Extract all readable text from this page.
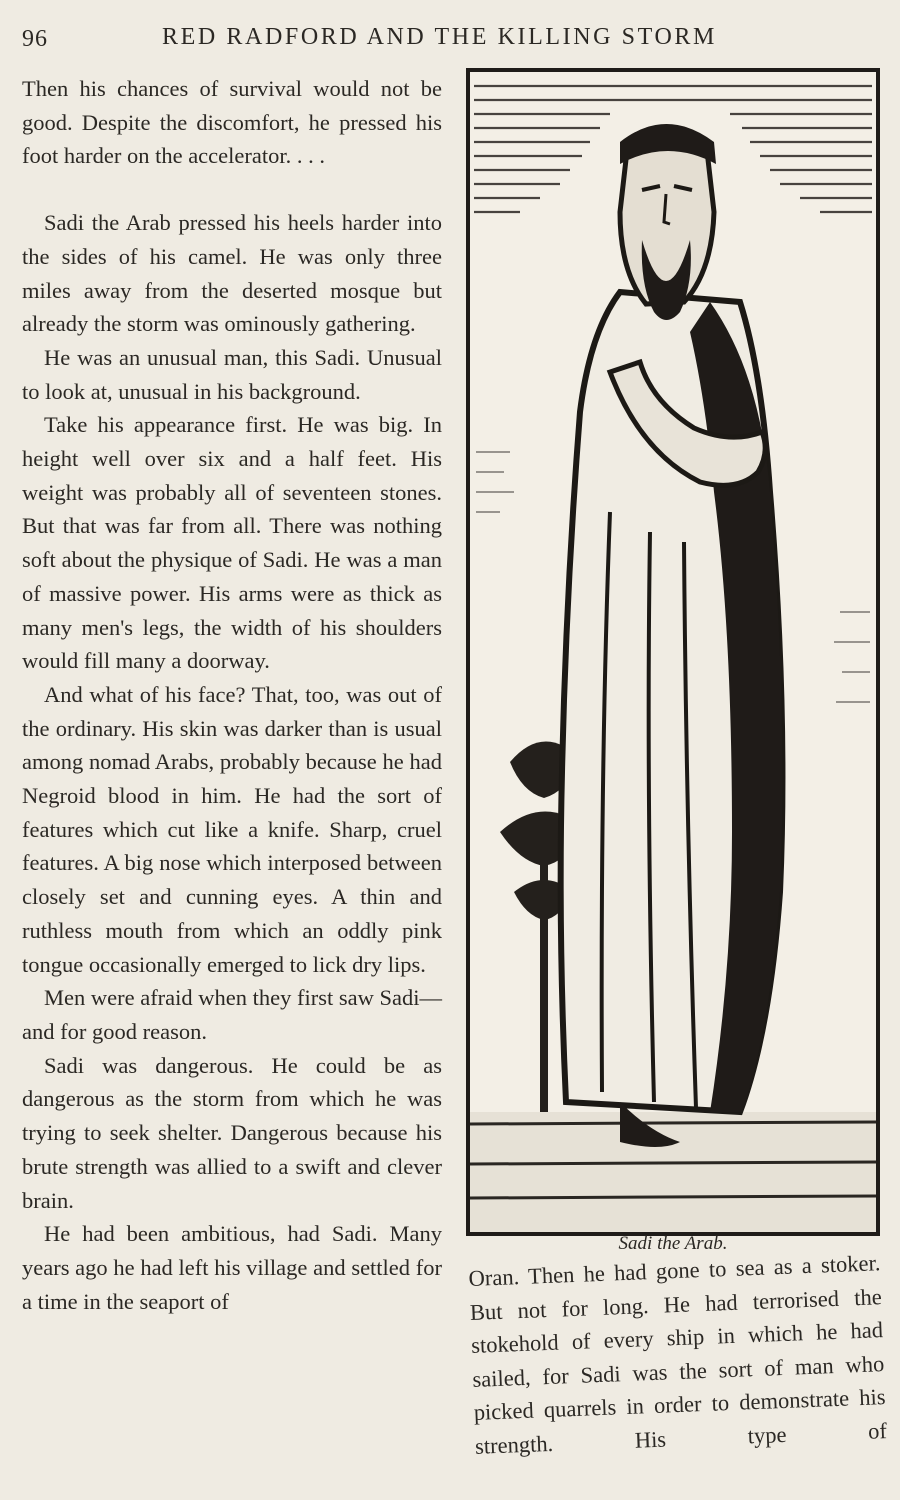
96	RED RADFORD AND THE KILLING STORM

Then his chances of survival would not be good. Despite the discomfort, he pressed his foot harder on the accelerator. . . .

Sadi the Arab pressed his heels harder into the sides of his camel. He was only three miles away from the deserted mosque but already the storm was ominously gathering.

He was an unusual man, this Sadi. Unusual to look at, unusual in his background.

Take his appearance first. He was big. In height well over six and a half feet. His weight was probably all of seventeen stones. But that was far from all. There was nothing soft about the physique of Sadi. He was a man of massive power. His arms were as thick as many men's legs, the width of his shoulders would fill many a doorway.

And what of his face? That, too, was out of the ordinary. His skin was darker than is usual among nomad Arabs, probably because he had Negroid blood in him. He had the sort of features which cut like a knife. Sharp, cruel features. A big nose which interposed between closely set and cunning eyes. A thin and ruthless mouth from which an oddly pink tongue occasionally emerged to lick dry lips.

Men were afraid when they first saw Sadi—and for good reason.

Sadi was dangerous. He could be as dangerous as the storm from which he was trying to seek shelter. Dangerous because his brute strength was allied to a swift and clever brain.

He had been ambitious, had Sadi. Many years ago he had left his village and settled for a time in the seaport of

Sadi the Arab.

Oran. Then he had gone to sea as a stoker. But not for long. He had terrorised the stokehold of every ship in which he had sailed, for Sadi was the sort of man who picked quarrels in order to demonstrate his strength. His type of
